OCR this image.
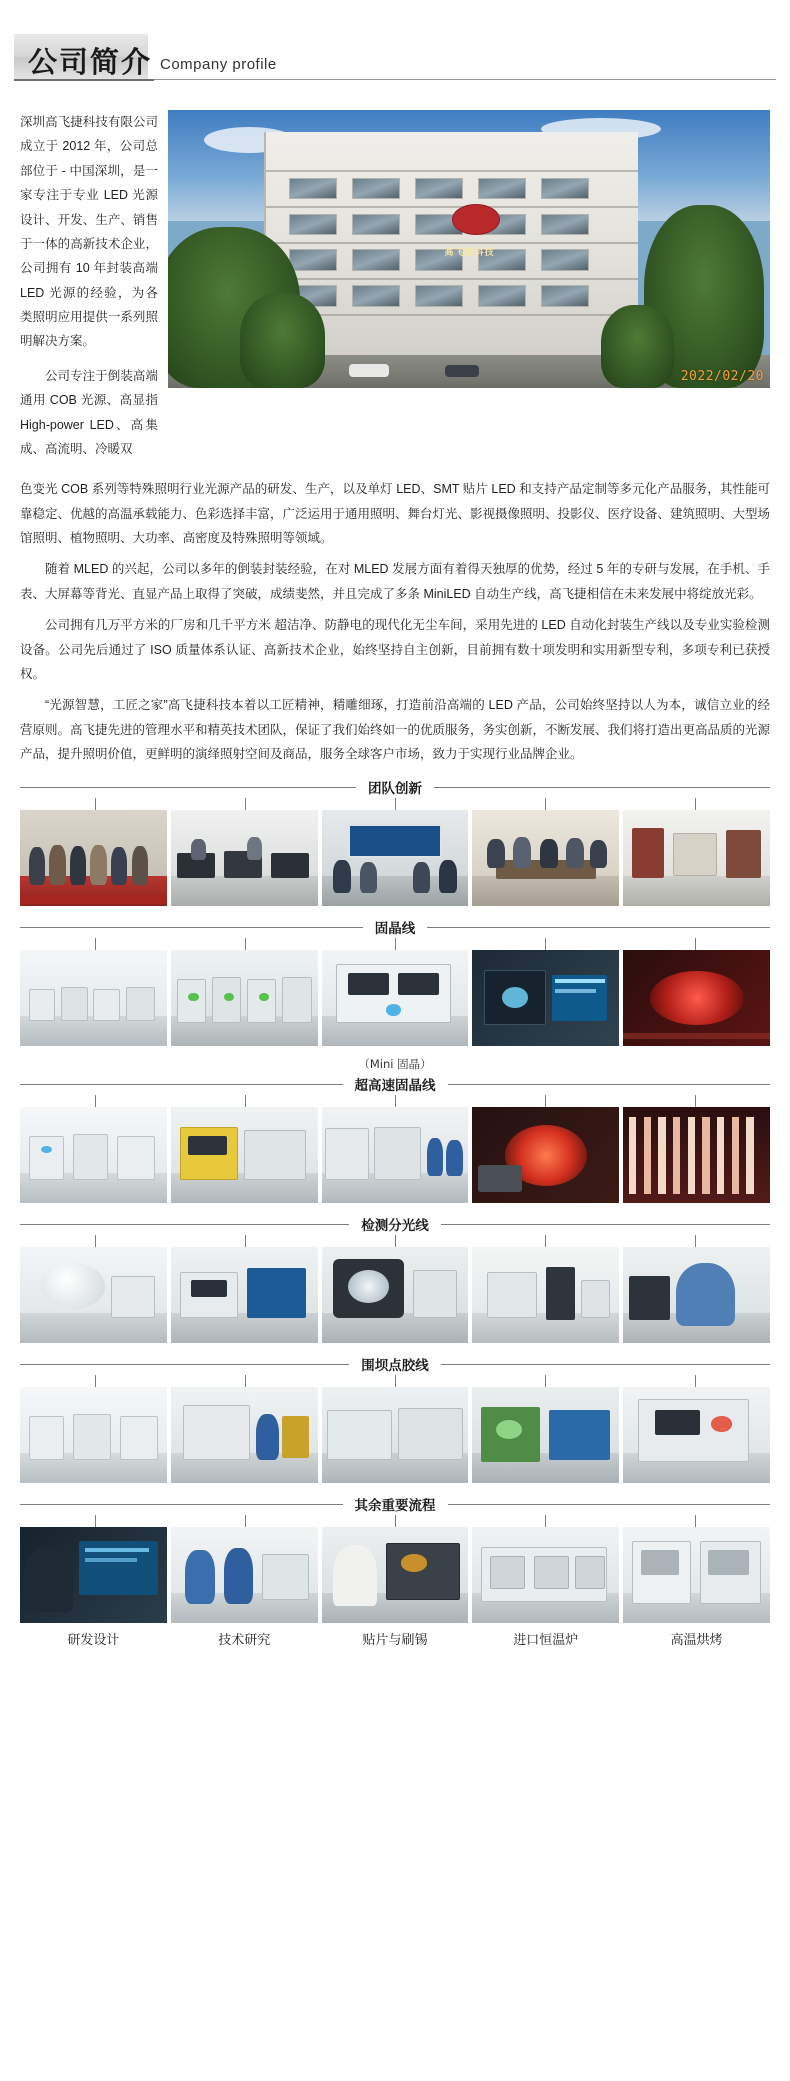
公司简介 Company profile

深圳高飞捷科技有限公司 成立于 2012 年，公司总部位于 - 中国深圳，是一家专注于专业 LED 光源设计、开发、生产、销售于一体的高新技术企业，公司拥有 10 年封装高端 LED 光源的经验，为各类照明应用提供一系列照明解决方案。

公司专注于倒装高端通用 COB 光源、高显指 High-power LED、高集成、高流明、冷暖双

高飞捷科技
2022/02/20

色变光 COB 系列等特殊照明行业光源产品的研发、生产，以及单灯 LED、SMT 贴片 LED 和支持产品定制等多元化产品服务，其性能可靠稳定、优越的高温承载能力、色彩选择丰富，广泛运用于通用照明、舞台灯光、影视摄像照明、投影仪、医疗设备、建筑照明、大型场馆照明、植物照明、大功率、高密度及特殊照明等领域。

随着 MLED 的兴起，公司以多年的倒装封装经验，在对 MLED 发展方面有着得天独厚的优势，经过 5 年的专研与发展，在手机、手表、大屏幕等背光、直显产品上取得了突破，成绩斐然，并且完成了多条 MiniLED 自动生产线，高飞捷相信在未来发展中将绽放光彩。

公司拥有几万平方米的厂房和几千平方米 超洁净、防静电的现代化无尘车间，采用先进的 LED 自动化封装生产线以及专业实验检测设备。公司先后通过了 ISO 质量体系认证、高新技术企业，始终坚持自主创新，目前拥有数十项发明和实用新型专利，多项专利已获授权。

“光源智慧，工匠之家”高飞捷科技本着以工匠精神，精雕细琢，打造前沿高端的 LED 产品，公司始终坚持以人为本，诚信立业的经营原则。高飞捷先进的管理水平和精英技术团队，保证了我们始终如一的优质服务，务实创新，不断发展、我们将打造出更高品质的光源产品，提升照明价值，更鲜明的演绎照射空间及商品，服务全球客户市场，致力于实现行业品牌企业。

团队创新
固晶线
（Mini 固晶）
超高速固晶线
检测分光线
围坝点胶线
其余重要流程
研发设计	技术研究	贴片与刷锡	进口恒温炉	高温烘烤
